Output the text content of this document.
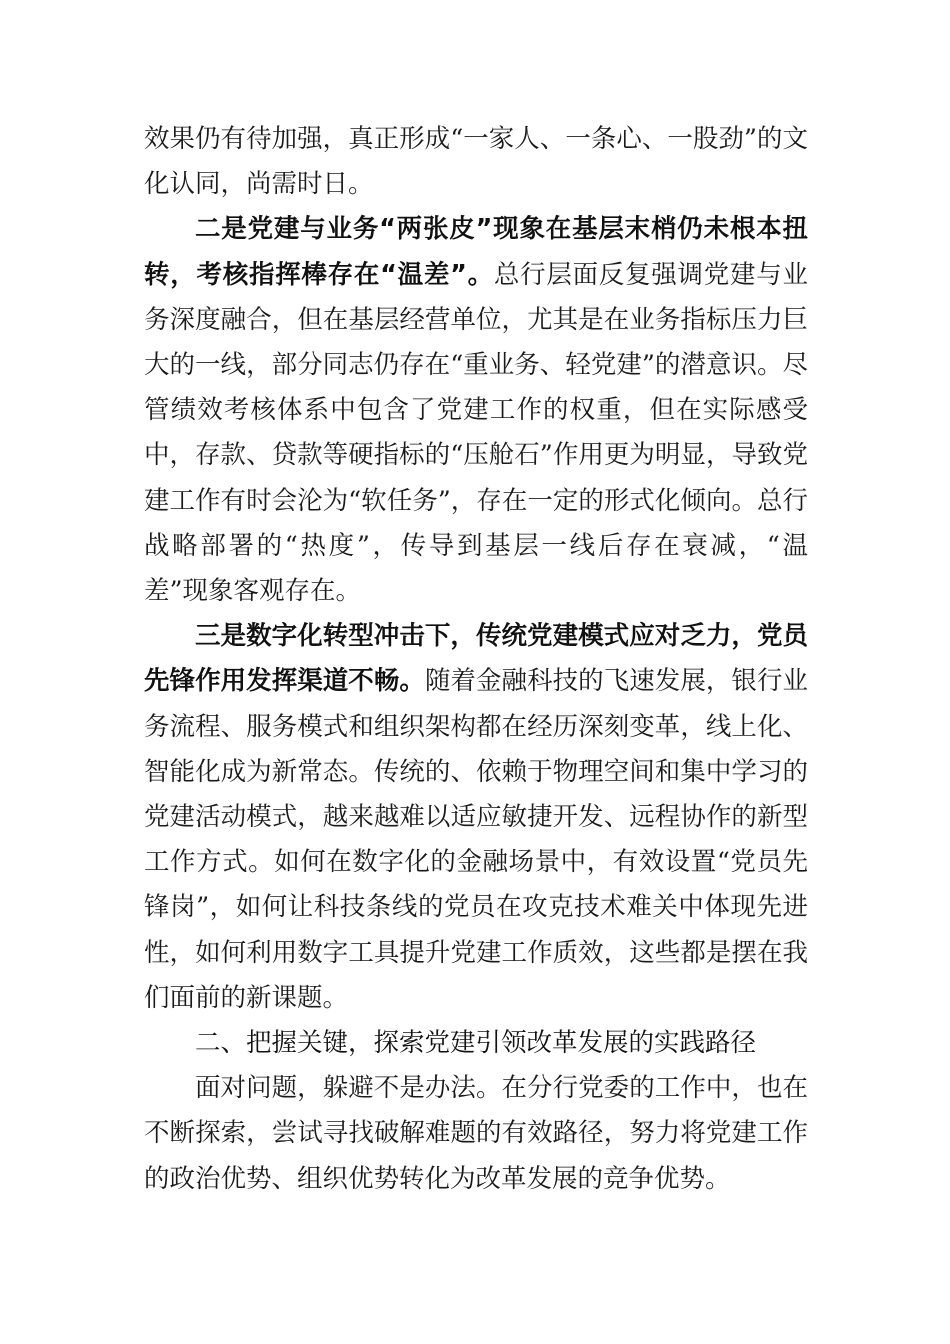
效果仍有待加强，真正形成“一家人、一条心、一股劲”的文化认同，尚需时日。

二是党建与业务“两张皮”现象在基层末梢仍未根本扭转，考核指挥棒存在“温差”。总行层面反复强调党建与业务深度融合，但在基层经营单位，尤其是在业务指标压力巨大的一线，部分同志仍存在“重业务、轻党建”的潜意识。尽管绩效考核体系中包含了党建工作的权重，但在实际感受中，存款、贷款等硬指标的“压舱石”作用更为明显，导致党建工作有时会沦为“软任务”，存在一定的形式化倾向。总行战略部署的“热度”，传导到基层一线后存在衰减，“温差”现象客观存在。

三是数字化转型冲击下，传统党建模式应对乏力，党员先锋作用发挥渠道不畅。随着金融科技的飞速发展，银行业务流程、服务模式和组织架构都在经历深刻变革，线上化、智能化成为新常态。传统的、依赖于物理空间和集中学习的党建活动模式，越来越难以适应敏捷开发、远程协作的新型工作方式。如何在数字化的金融场景中，有效设置“党员先锋岗”，如何让科技条线的党员在攻克技术难关中体现先进性，如何利用数字工具提升党建工作质效，这些都是摆在我们面前的新课题。

二、把握关键，探索党建引领改革发展的实践路径

面对问题，躲避不是办法。在分行党委的工作中，也在不断探索，尝试寻找破解难题的有效路径，努力将党建工作的政治优势、组织优势转化为改革发展的竞争优势。
